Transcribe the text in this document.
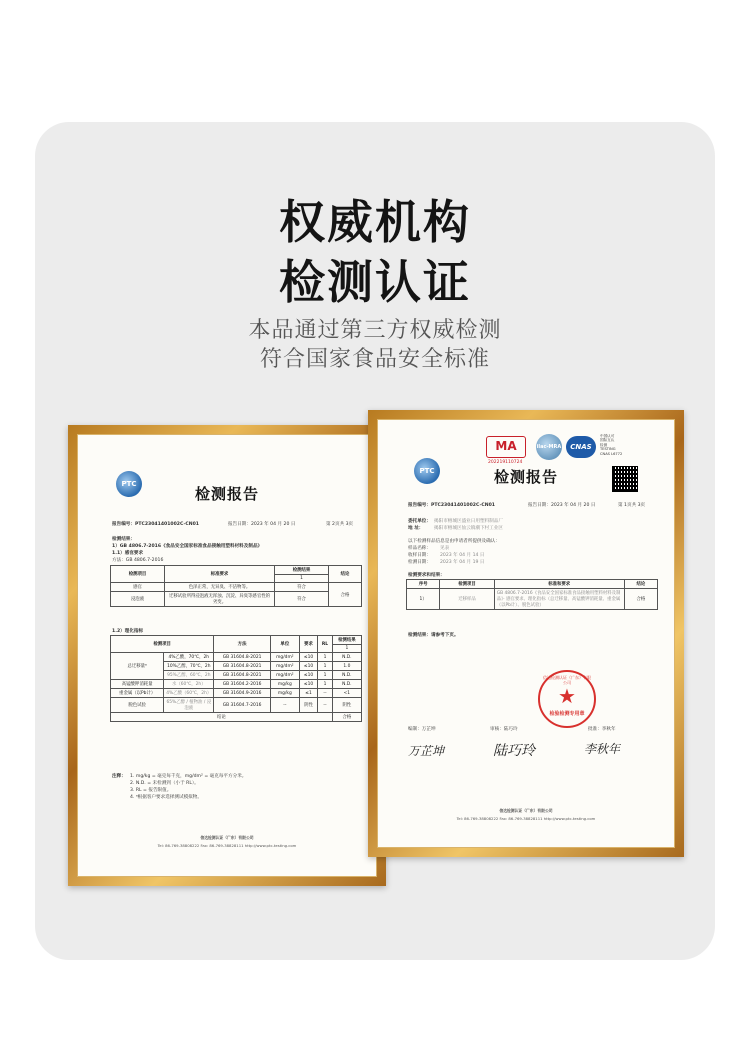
权威机构
检测认证
本品通过第三方权威检测
符合国家食品安全标准
PTC
检测报告
报告编号：PTC23041401002C-CN01	报告日期：2023 年 04 月 20 日	第 2页共 3页
检测结果：
1）GB 4806.7-2016《食品安全国家标准食品接触用塑料材料及制品》
1.1）感官要求
方法：GB 4806.7-2016
检测项目	标准要求	检测结果	结论
		1	
感官	色泽正常，无异臭、不洁物等。	符合	合格
浸泡液	迁移试验所得浸泡液无浑浊、沉淀、异臭等感官性的劣变。	符合	
1.2）理化指标
检测项目		方法	单位	要求	RL	检测结果
						1
总迁移量ᵃ	4%乙酸，70℃，2h	GB 31604.8-2021	mg/dm²	≤10	1	N.D.
	10%乙醇，70℃，2h	GB 31604.8-2021	mg/dm²	≤10	1	1.0
	95%乙醇，60℃，2h	GB 31604.8-2021	mg/dm²	≤10	1	N.D.
高锰酸钾消耗量	水（60℃，2h）	GB 31604.2-2016	mg/kg	≤10	1	N.D.
重金属（以Pb计）	4%乙酸（60℃，2h）	GB 31604.9-2016	mg/kg	≤1	--	<1
脱色试验	65%乙醇 / 植物油 / 浸泡液	GB 31604.7-2016	--	阴性	--	阴性
结论						合格
注释： 1. mg/kg = 毫克每千克，mg/dm² = 毫克每平方分米。
2. N.D. = 未检测到（小于 RL）。
3. RL = 报告限值。
4. ᵃ根据客户要求选择测试模拟物。
信达检测认证（广东）有限公司
Tel: 86-769-38808222 Fax: 86-769-38828111 http://www.ptc-testing.com
MA
202219110724
ilac-MRA	CNAS
中国认可
国际互认
检测
TESTING
CNAS L6772
PTC	检测报告
报告编号：PTC23041401002C-CN01	报告日期：2023 年 04 月 20 日	第 1页共 3页
委托单位： 揭阳市榕城区盛业日用塑料制品厂
地 址： 揭阳市榕城区仙云镇潮下村工业区
以下检测样品信息是由申请者所提供及确认：
样品名称： 见表
收样日期： 2023 年 04 月 14 日
检测日期： 2023 年 04 月 19 日
检测要求和结果：
序号	检测项目	标准和要求	结论
1）	迁移样品	GB 4806.7-2016《食品安全国家标准食品接触用塑料材料及制品》· 感官要求、理化指标（总迁移量、高锰酸钾消耗量、重金属（以Pb计）、脱色试验）	合格
检测结果：请参考下页。
信达检测认证（广东）有限公司
★
检验检测专用章
编制：万芷坤	审核：陆巧玲	批准：李秋年
万芷坤	陆巧玲	李秋年
信达检测认证（广东）有限公司
Tel: 86-769-38808222 Fax: 86-769-38828111 http://www.ptc-testing.com
